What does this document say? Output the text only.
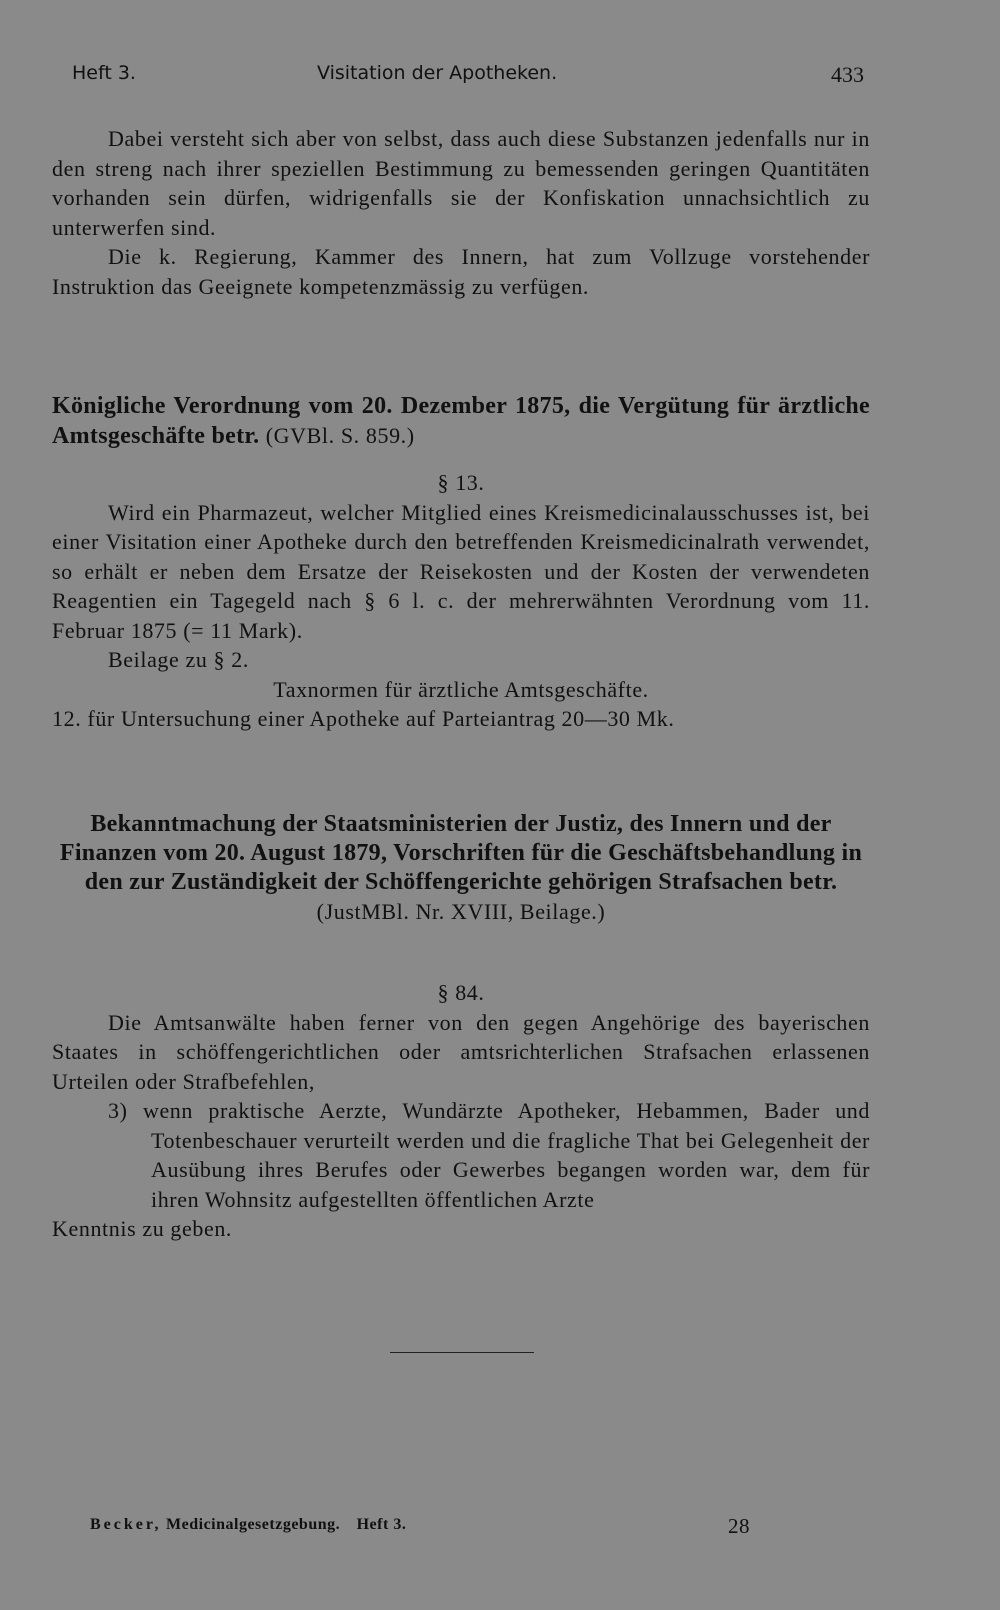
Heft 3.	Visitation der Apotheken.	433

Dabei versteht sich aber von selbst, dass auch diese Substanzen jedenfalls nur in den streng nach ihrer speziellen Bestimmung zu bemessenden geringen Quantitäten vorhanden sein dürfen, widrigenfalls sie der Konfiskation unnachsichtlich zu unterwerfen sind.

Die k. Regierung, Kammer des Innern, hat zum Vollzuge vorstehender Instruktion das Geeignete kompetenzmässig zu verfügen.

Königliche Verordnung vom 20. Dezember 1875, die Vergütung für ärztliche Amtsgeschäfte betr. (GVBl. S. 859.)

§ 13.

Wird ein Pharmazeut, welcher Mitglied eines Kreismedicinalausschusses ist, bei einer Visitation einer Apotheke durch den betreffenden Kreismedicinalrath verwendet, so erhält er neben dem Ersatze der Reisekosten und der Kosten der verwendeten Reagentien ein Tagegeld nach § 6 l. c. der mehrerwähnten Verordnung vom 11. Februar 1875 (= 11 Mark).

Beilage zu § 2.

Taxnormen für ärztliche Amtsgeschäfte.

12. für Untersuchung einer Apotheke auf Parteiantrag 20—30 Mk.

Bekanntmachung der Staatsministerien der Justiz, des Innern und der Finanzen vom 20. August 1879, Vorschriften für die Geschäftsbehandlung in den zur Zuständigkeit der Schöffengerichte gehörigen Strafsachen betr.

(JustMBl. Nr. XVIII, Beilage.)

§ 84.

Die Amtsanwälte haben ferner von den gegen Angehörige des bayerischen Staates in schöffengerichtlichen oder amtsrichterlichen Strafsachen erlassenen Urteilen oder Strafbefehlen,

3) wenn praktische Aerzte, Wundärzte Apotheker, Hebammen, Bader und Totenbeschauer verurteilt werden und die fragliche That bei Gelegenheit der Ausübung ihres Berufes oder Gewerbes begangen worden war, dem für ihren Wohnsitz aufgestellten öffentlichen Arzte

Kenntnis zu geben.

Becker, Medicinalgesetzgebung. Heft 3.	28
